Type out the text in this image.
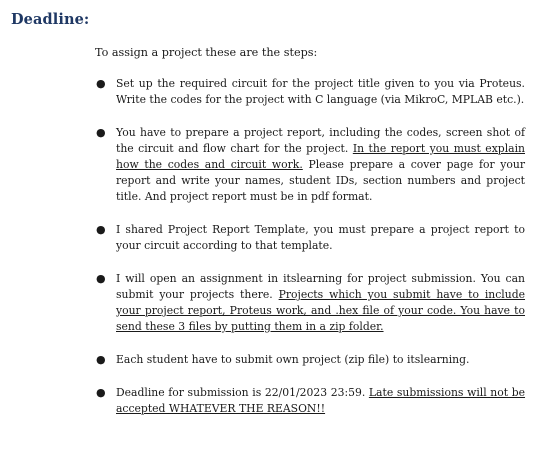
Deadline:

To assign a project these are the steps:

● Set up the required circuit for the project title given to you via Proteus. Write the codes for the project with C language (via MikroC, MPLAB etc.).
● You have to prepare a project report, including the codes, screen shot of the circuit and flow chart for the project. In the report you must explain how the codes and circuit work. Please prepare a cover page for your report and write your names, student IDs, section numbers and project title. And project report must be in pdf format.
● I shared Project Report Template, you must prepare a project report to your circuit according to that template.
● I will open an assignment in itslearning for project submission. You can submit your projects there. Projects which you submit have to include your project report, Proteus work, and .hex file of your code. You have to send these 3 files by putting them in a zip folder.
● Each student have to submit own project (zip file) to itslearning.
● Deadline for submission is 22/01/2023 23:59. Late submissions will not be accepted WHATEVER THE REASON!!
